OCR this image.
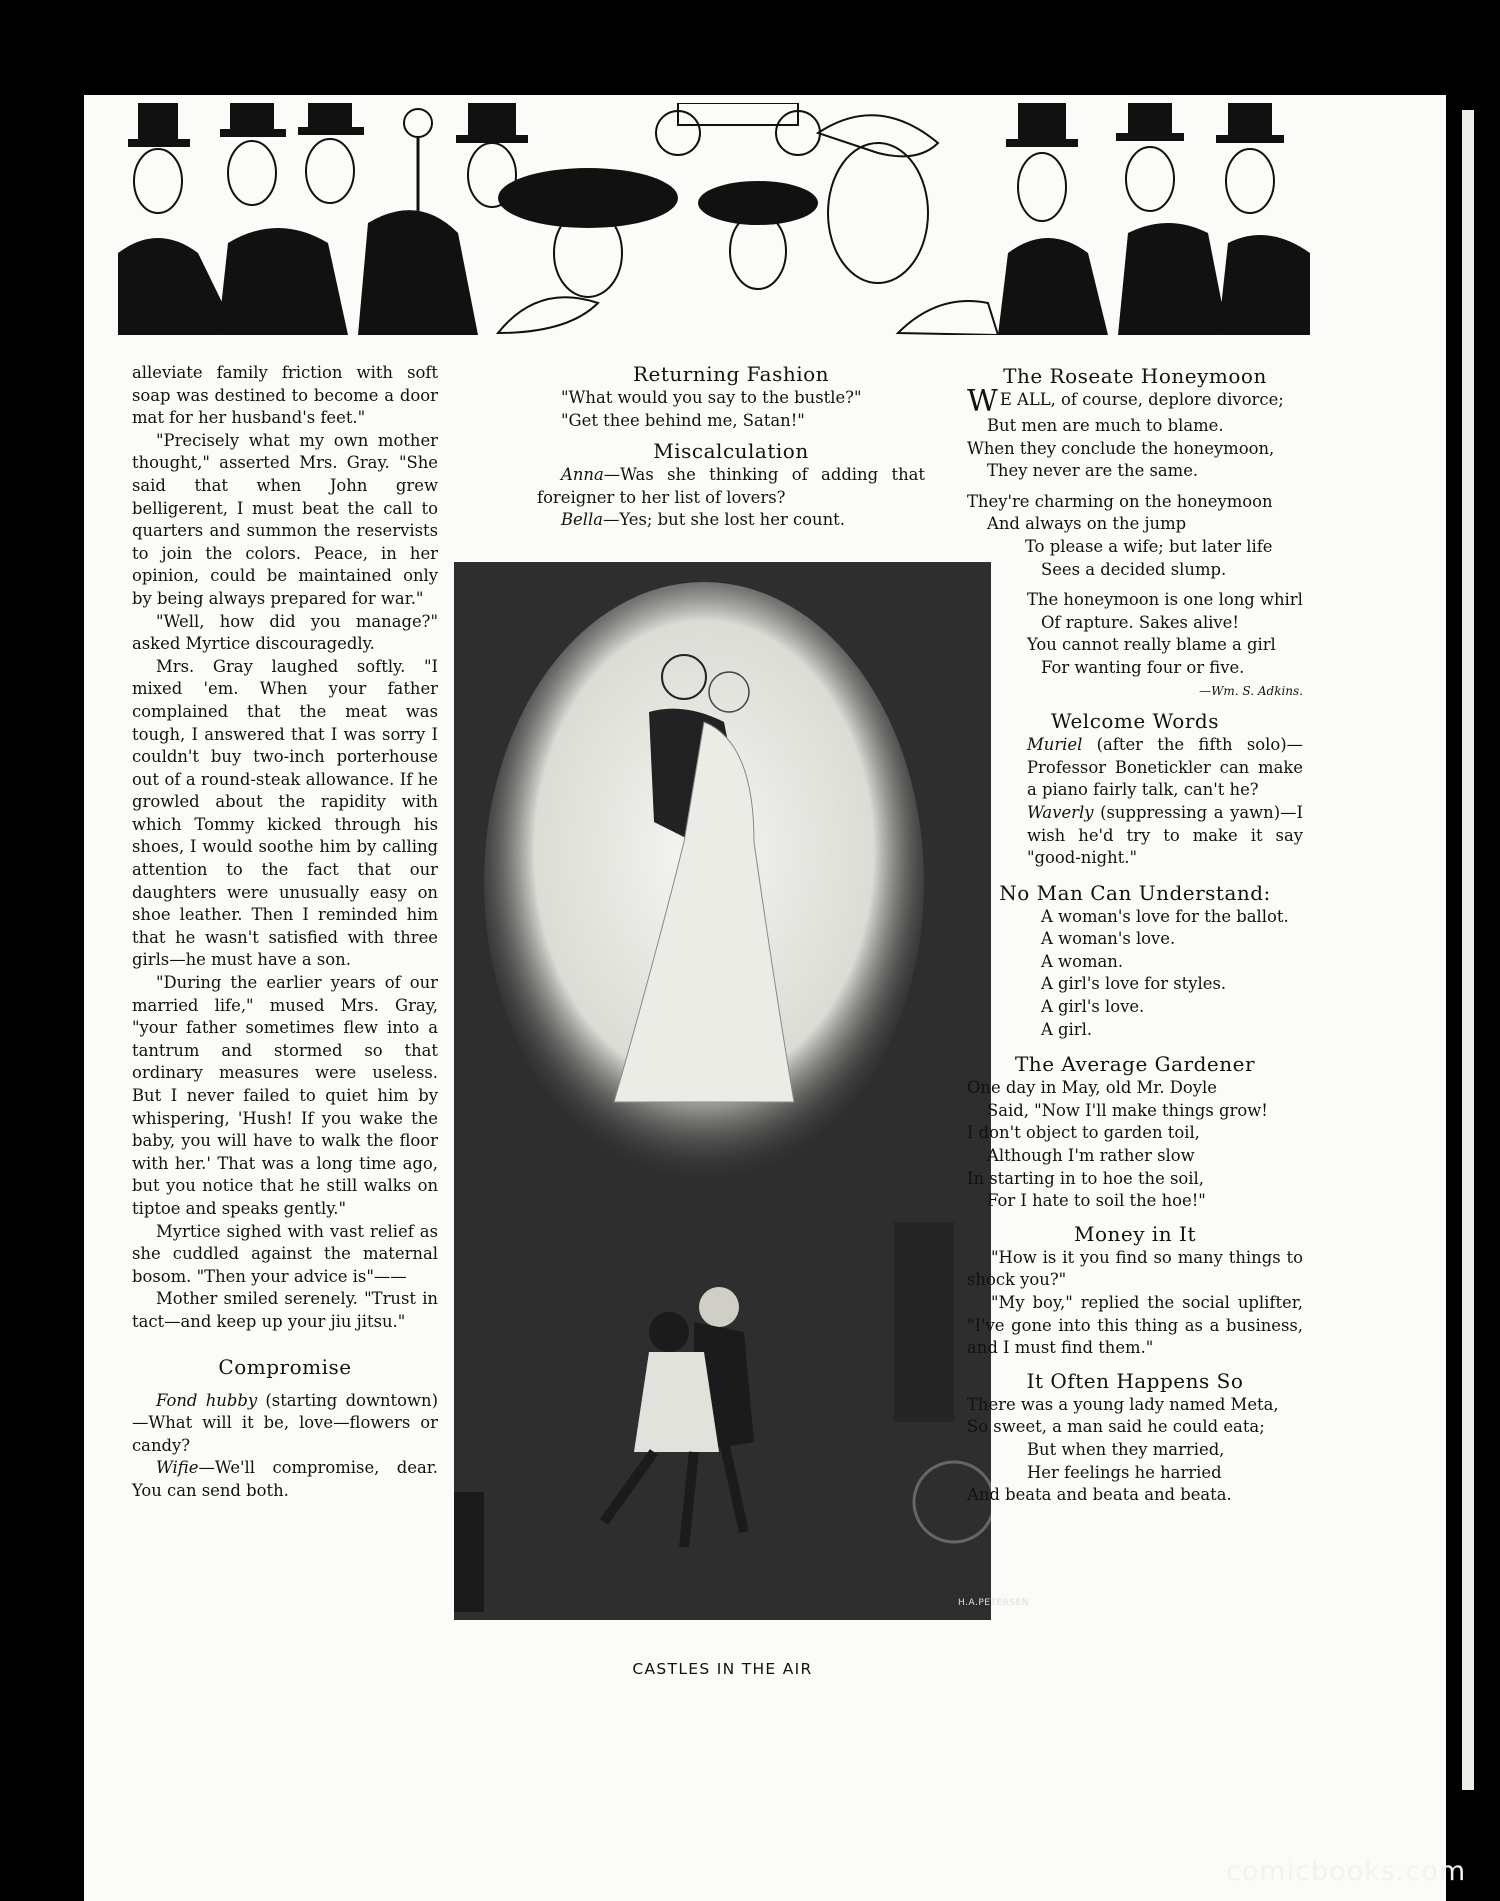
alleviate family friction with soft soap was destined to become a door mat for her husband's feet."

"Precisely what my own mother thought," asserted Mrs. Gray. "She said that when John grew belligerent, I must beat the call to quarters and summon the reservists to join the colors. Peace, in her opinion, could be maintained only by being always prepared for war."

"Well, how did you manage?" asked Myrtice discouragedly.

Mrs. Gray laughed softly. "I mixed 'em. When your father complained that the meat was tough, I answered that I was sorry I couldn't buy two-inch porterhouse out of a round-steak allowance. If he growled about the rapidity with which Tommy kicked through his shoes, I would soothe him by calling attention to the fact that our daughters were unusually easy on shoe leather. Then I reminded him that he wasn't satisfied with three girls—he must have a son.

"During the earlier years of our married life," mused Mrs. Gray, "your father sometimes flew into a tantrum and stormed so that ordinary measures were useless. But I never failed to quiet him by whispering, 'Hush! If you wake the baby, you will have to walk the floor with her.' That was a long time ago, but you notice that he still walks on tiptoe and speaks gently."

Myrtice sighed with vast relief as she cuddled against the maternal bosom. "Then your advice is"——

Mother smiled serenely. "Trust in tact—and keep up your jiu jitsu."

Compromise

Fond hubby (starting downtown)—What will it be, love—flowers or candy?

Wifie—We'll compromise, dear. You can send both.

Returning Fashion

"What would you say to the bustle?"

"Get thee behind me, Satan!"

Miscalculation

Anna—Was she thinking of adding that foreigner to her list of lovers?

Bella—Yes; but she lost her count.

H.A.PETERSEN
CASTLES IN THE AIR
The Roseate Honeymoon
W E ALL, of course, deplore divorce;

But men are much to blame.

When they conclude the honeymoon,

They never are the same.

They're charming on the honeymoon

And always on the jump

To please a wife; but later life

Sees a decided slump.

The honeymoon is one long whirl

Of rapture. Sakes alive!

You cannot really blame a girl

For wanting four or five.

—Wm. S. Adkins.

Welcome Words

Muriel (after the fifth solo)—Professor Bonetickler can make a piano fairly talk, can't he?

Waverly (suppressing a yawn)—I wish he'd try to make it say "good-night."

No Man Can Understand:

A woman's love for the ballot.

A woman's love.

A woman.

A girl's love for styles.

A girl's love.

A girl.

The Average Gardener

One day in May, old Mr. Doyle

Said, "Now I'll make things grow!

I don't object to garden toil,

Although I'm rather slow

In starting in to hoe the soil,

For I hate to soil the hoe!"

Money in It

"How is it you find so many things to shock you?"

"My boy," replied the social uplifter, "I've gone into this thing as a business, and I must find them."

It Often Happens So

There was a young lady named Meta,

So sweet, a man said he could eata;

But when they married,

Her feelings he harried

And beata and beata and beata.

comicbooks.com
